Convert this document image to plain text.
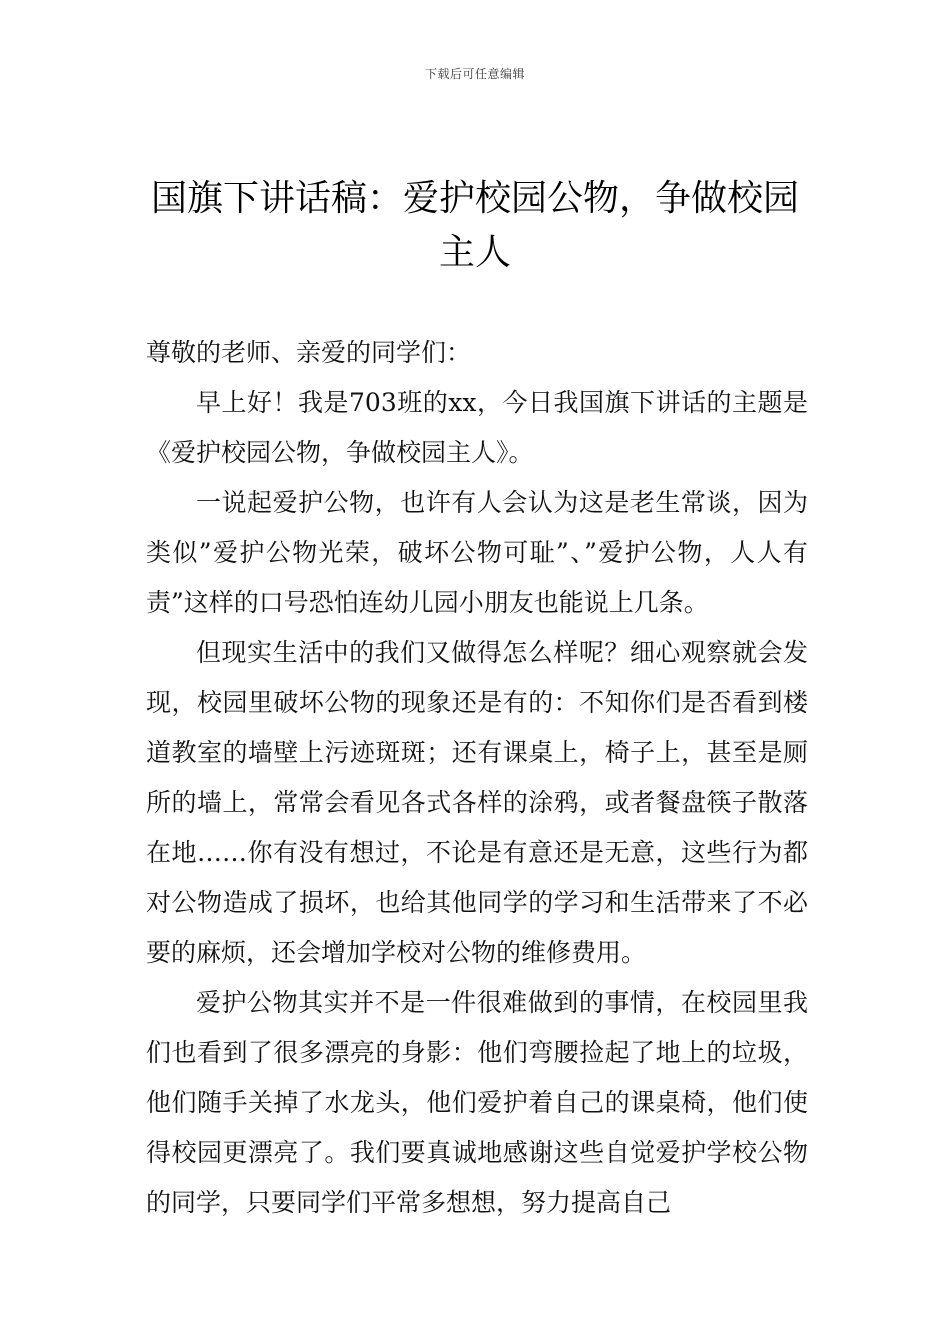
下载后可任意编辑
国旗下讲话稿：爱护校园公物，争做校园主人

尊敬的老师、亲爱的同学们：

早上好！我是703班的xx，今日我国旗下讲话的主题是《爱护校园公物，争做校园主人》。

一说起爱护公物，也许有人会认为这是老生常谈，因为类似”爱护公物光荣，破坏公物可耻”、”爱护公物，人人有责”这样的口号恐怕连幼儿园小朋友也能说上几条。

但现实生活中的我们又做得怎么样呢？细心观察就会发现，校园里破坏公物的现象还是有的：不知你们是否看到楼道教室的墙壁上污迹斑斑；还有课桌上，椅子上，甚至是厕所的墙上，常常会看见各式各样的涂鸦，或者餐盘筷子散落在地……你有没有想过，不论是有意还是无意，这些行为都对公物造成了损坏，也给其他同学的学习和生活带来了不必要的麻烦，还会增加学校对公物的维修费用。

爱护公物其实并不是一件很难做到的事情，在校园里我们也看到了很多漂亮的身影：他们弯腰捡起了地上的垃圾，他们随手关掉了水龙头，他们爱护着自己的课桌椅，他们使得校园更漂亮了。我们要真诚地感谢这些自觉爱护学校公物的同学，只要同学们平常多想想，努力提高自己
